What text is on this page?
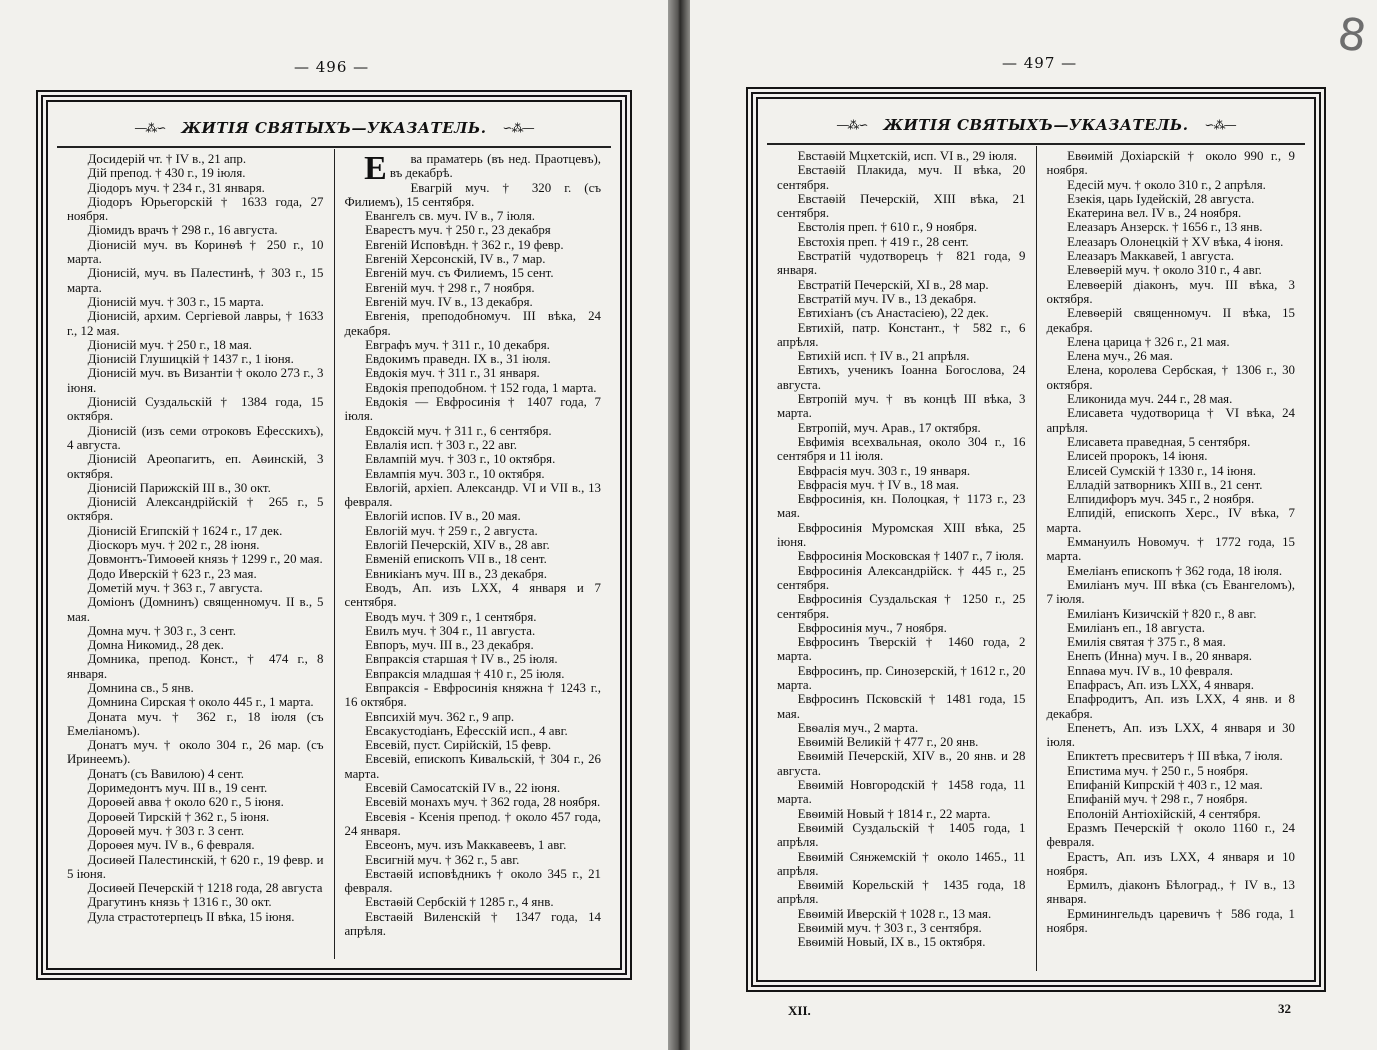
— 496 —	— 497 —
8
—⁂∽ ЖИТІЯ СВЯТЫХЪ—УКАЗАТЕЛЬ. ∽⁂—

Досидерій чт. † IV в., 21 апр.

Дій препод. † 430 г., 19 іюля.

Діодоръ муч. † 234 г., 31 января.

Діодоръ Юрьегорскій † 1633 года, 27 ноября.

Діомидъ врачъ † 298 г., 16 августа.

Діонисій муч. въ Коринѳѣ † 250 г., 10 марта.

Діонисій, муч. въ Палестинѣ, † 303 г., 15 марта.

Діонисій муч. † 303 г., 15 марта.

Діонисій, архим. Сергіевой лавры, † 1633 г., 12 мая.

Діонисій муч. † 250 г., 18 мая.

Діонисій Глушицкій † 1437 г., 1 іюня.

Діонисій муч. въ Византіи † около 273 г., 3 іюня.

Діонисій Суздальскій † 1384 года, 15 октября.

Діонисій (изъ семи отроковъ Ефесскихъ), 4 августа.

Діонисій Ареопагитъ, еп. Аѳинскій, 3 октября.

Діонисій Парижскій III в., 30 окт.

Діонисій Александрійскій † 265 г., 5 октября.

Діонисій Египскій † 1624 г., 17 дек.

Діоскоръ муч. † 202 г., 28 іюня.

Довмонтъ-Тимоѳей князь † 1299 г., 20 мая.

Додо Иверскій † 623 г., 23 мая.

Дометій муч. † 363 г., 7 августа.

Доміонъ (Домнинъ) священномуч. II в., 5 мая.

Домна муч. † 303 г., 3 сент.

Домна Никомид., 28 дек.

Домника, препод. Конст., † 474 г., 8 января.

Домнина св., 5 янв.

Домнина Сирская † около 445 г., 1 марта.

Доната муч. † 362 г., 18 іюля (съ Емеліаномъ).

Донатъ муч. † около 304 г., 26 мар. (съ Иринеемъ).

Донатъ (съ Вавилою) 4 сент.

Доримедонтъ муч. III в., 19 сент.

Дороѳей авва † около 620 г., 5 іюня.

Дороѳей Тирскій † 362 г., 5 іюня.

Дороѳей муч. † 303 г. 3 сент.

Дороѳея муч. IV в., 6 февраля.

Досиѳей Палестинскій, † 620 г., 19 февр. и 5 іюня.

Досиѳей Печерскій † 1218 года, 28 августа

Драгутинъ князь † 1316 г., 30 окт.

Дула страстотерпецъ II вѣка, 15 іюня.

Е ва праматерь (въ нед. Праотцевъ), въ декабрѣ.

Евагрій муч. † 320 г. (съ Филиемъ), 15 сентября.

Евангелъ св. муч. IV в., 7 іюля.

Еварестъ муч. † 250 г., 23 декабря

Евгеній Исповѣдн. † 362 г., 19 февр.

Евгеній Херсонскій, IV в., 7 мар.

Евгеній муч. съ Филиемъ, 15 сент.

Евгеній муч. † 298 г., 7 ноября.

Евгеній муч. IV в., 13 декабря.

Евгенія, преподобномуч. III вѣка, 24 декабря.

Евграфъ муч. † 311 г., 10 декабря.

Евдокимъ праведн. IX в., 31 іюля.

Евдокія муч. † 311 г., 31 января.

Евдокія преподобном. † 152 года, 1 марта.

Евдокія — Евфросинія † 1407 года, 7 іюля.

Евдоксій муч. † 311 г., 6 сентября.

Евлалія исп. † 303 г., 22 авг.

Евлампій муч. † 303 г., 10 октября.

Евлампія муч. 303 г., 10 октября.

Евлогій, архіеп. Александр. VI и VII в., 13 февраля.

Евлогій испов. IV в., 20 мая.

Евлогій муч. † 259 г., 2 августа.

Евлогій Печерскій, XIV в., 28 авг.

Евменій епископъ VII в., 18 сент.

Евникіанъ муч. III в., 23 декабря.

Еводъ, Ап. изъ LXX, 4 января и 7 сентября.

Еводъ муч. † 309 г., 1 сентября.

Евилъ муч. † 304 г., 11 августа.

Евпоръ, муч. III в., 23 декабря.

Евпраксія старшая † IV в., 25 іюля.

Евпраксія младшая † 410 г., 25 іюля.

Евпраксія - Евфросинія княжна † 1243 г., 16 октября.

Евпсихій муч. 362 г., 9 апр.

Евсакустодіанъ, Ефесскій исп., 4 авг.

Евсевій, пуст. Сирійскій, 15 февр.

Евсевій, епископъ Кивальскій, † 304 г., 26 марта.

Евсевій Самосатскій IV в., 22 іюня.

Евсевій монахъ муч. † 362 года, 28 ноября.

Евсевія - Ксенія препод. † около 457 года, 24 января.

Евсеонъ, муч. изъ Маккавеевъ, 1 авг.

Евсигній муч. † 362 г., 5 авг.

Евстаѳій исповѣдникъ † около 345 г., 21 февраля.

Евстаѳій Сербскій † 1285 г., 4 янв.

Евстаѳій Виленскій † 1347 года, 14 апрѣля.

—⁂∽ ЖИТІЯ СВЯТЫХЪ—УКАЗАТЕЛЬ. ∽⁂—

Евстаѳій Мцхетскій, исп. VI в., 29 іюля.

Евстаѳій Плакида, муч. II вѣка, 20 сентября.

Евстаѳій Печерскій, XIII вѣка, 21 сентября.

Евстолія преп. † 610 г., 9 ноября.

Евстохія преп. † 419 г., 28 сент.

Евстратій чудотворецъ † 821 года, 9 января.

Евстратій Печерскій, XI в., 28 мар.

Евстратій муч. IV в., 13 декабря.

Евтихіанъ (съ Анастасіею), 22 дек.

Евтихій, патр. Констант., † 582 г., 6 апрѣля.

Евтихій исп. † IV в., 21 апрѣля.

Евтихъ, ученикъ Іоанна Богослова, 24 августа.

Евтропій муч. † въ концѣ III вѣка, 3 марта.

Евтропій, муч. Арав., 17 октября.

Евфимія всехвальная, около 304 г., 16 сентября и 11 іюля.

Евфрасія муч. 303 г., 19 января.

Евфрасія муч. † IV в., 18 мая.

Евфросинія, кн. Полоцкая, † 1173 г., 23 мая.

Евфросинія Муромская XIII вѣка, 25 іюня.

Евфросинія Московская † 1407 г., 7 іюля.

Евфросинія Александрійск. † 445 г., 25 сентября.

Евфросинія Суздальская † 1250 г., 25 сентября.

Евфросинія муч., 7 ноября.

Евфросинъ Тверскій † 1460 года, 2 марта.

Евфросинъ, пр. Синозерскій, † 1612 г., 20 марта.

Евфросинъ Псковскій † 1481 года, 15 мая.

Евѳалія муч., 2 марта.

Евѳимій Великій † 477 г., 20 янв.

Евѳимій Печерскій, XIV в., 20 янв. и 28 августа.

Евѳимій Новгородскій † 1458 года, 11 марта.

Евѳимій Новый † 1814 г., 22 марта.

Евѳимій Суздальскій † 1405 года, 1 апрѣля.

Евѳимій Сянжемскій † около 1465., 11 апрѣля.

Евѳимій Корельскій † 1435 года, 18 апрѣля.

Евѳимій Иверскій † 1028 г., 13 мая.

Евѳимій муч. † 303 г., 3 сентября.

Евѳимій Новый, IX в., 15 октября.

Евѳимій Дохіарскій † около 990 г., 9 ноября.

Едесій муч. † около 310 г., 2 апрѣля.

Езекія, царь Іудейскій, 28 августа.

Екатерина вел. IV в., 24 ноября.

Елеазаръ Анзерск. † 1656 г., 13 янв.

Елеазаръ Олонецкій † XV вѣка, 4 іюня.

Елеазаръ Маккавей, 1 августа.

Елевѳерій муч. † около 310 г., 4 авг.

Елевѳерій діаконъ, муч. III вѣка, 3 октября.

Елевѳерій священномуч. II вѣка, 15 декабря.

Елена царица † 326 г., 21 мая.

Елена муч., 26 мая.

Елена, королева Сербская, † 1306 г., 30 октября.

Еликонида муч. 244 г., 28 мая.

Елисавета чудотворица † VI вѣка, 24 апрѣля.

Елисавета праведная, 5 сентября.

Елисей пророкъ, 14 іюня.

Елисей Сумскій † 1330 г., 14 іюня.

Елладій затворникъ XIII в., 21 сент.

Елпидифоръ муч. 345 г., 2 ноября.

Елпидій, епископъ Херс., IV вѣка, 7 марта.

Еммануилъ Новомуч. † 1772 года, 15 марта.

Емеліанъ епископъ † 362 года, 18 іюля.

Емиліанъ муч. III вѣка (съ Евангеломъ), 7 іюля.

Емиліанъ Кизичскій † 820 г., 8 авг.

Емиліанъ еп., 18 августа.

Емилія святая † 375 г., 8 мая.

Енепъ (Инна) муч. I в., 20 января.

Ennaѳa муч. IV в., 10 февраля.

Епафрасъ, Ап. изъ LXX, 4 января.

Епафродитъ, Ап. изъ LXX, 4 янв. и 8 декабря.

Епенетъ, Ап. изъ LXX, 4 января и 30 іюля.

Епиктетъ пресвитеръ † III вѣка, 7 іюля.

Епистима муч. † 250 г., 5 ноября.

Епифаній Кипрскій † 403 г., 12 мая.

Епифаній муч. † 298 г., 7 ноября.

Еполоній Антіохійскій, 4 сентября.

Еразмъ Печерскій † около 1160 г., 24 февраля.

Ерастъ, Ап. изъ LXX, 4 января и 10 ноября.

Ермилъ, діаконъ Бѣлоград., † IV в., 13 января.

Ерминингельдъ царевичъ † 586 года, 1 ноября.

XII.	32
